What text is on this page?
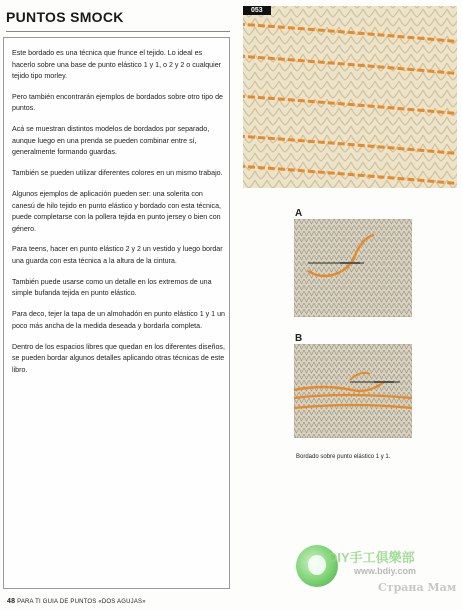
PUNTOS SMOCK

Este bordado es una técnica que frunce el tejido. Lo ideal es hacerlo sobre una base de punto elástico 1 y 1, o 2 y 2 o cualquier tejido tipo morley.

Pero también encontrarán ejemplos de bordados sobre otro tipo de puntos.

Acá se muestran distintos modelos de bordados por separado, aunque luego en una prenda se pueden combinar entre sí, generalmente formando guardas.

También se pueden utilizar diferentes colores en un mismo trabajo.

Algunos ejemplos de aplicación pueden ser: una solerita con canesú de hilo tejido en punto elástico y bordado con esta técnica, puede completarse con la pollera tejida en punto jersey o bien con género.

Para teens, hacer en punto elástico 2 y 2 un vestido y luego bordar una guarda con esta técnica a la altura de la cintura.

También puede usarse como un detalle en los extremos de una simple bufanda tejida en punto elástico.

Para deco, tejer la tapa de un almohadón en punto elástico 1 y 1 un poco más ancha de la medida deseada y bordarla completa.

Dentro de los espacios libres que quedan en los diferentes diseños, se pueden bordar algunos detalles aplicando otras técnicas de este libro.

053
A
B
Bordado sobre punto elástico 1 y 1.
DIY手工俱樂部
www.bdiy.com
Страна Мам
48 PARA TI GUIA DE PUNTOS «DOS AGUJAS»
